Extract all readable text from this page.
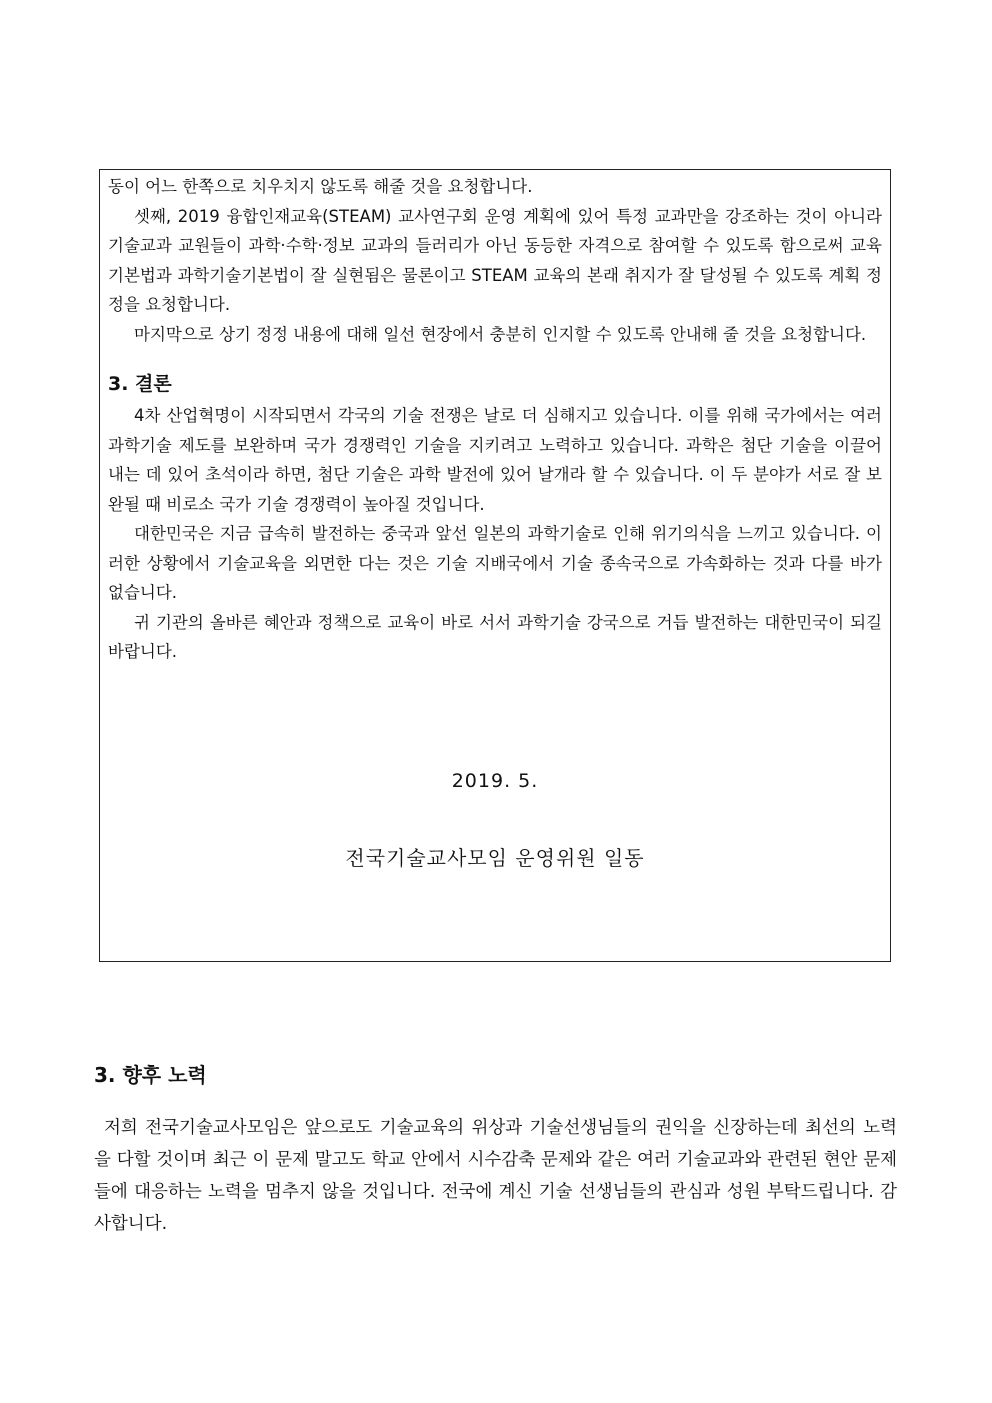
동이 어느 한쪽으로 치우치지 않도록 해줄 것을 요청합니다.

셋째, 2019 융합인재교육(STEAM) 교사연구회 운영 계획에 있어 특정 교과만을 강조하는 것이 아니라 기술교과 교원들이 과학·수학·정보 교과의 들러리가 아닌 동등한 자격으로 참여할 수 있도록 함으로써 교육기본법과 과학기술기본법이 잘 실현됨은 물론이고 STEAM 교육의 본래 취지가 잘 달성될 수 있도록 계획 정정을 요청합니다.

마지막으로 상기 정정 내용에 대해 일선 현장에서 충분히 인지할 수 있도록 안내해 줄 것을 요청합니다.

3. 결론

4차 산업혁명이 시작되면서 각국의 기술 전쟁은 날로 더 심해지고 있습니다. 이를 위해 국가에서는 여러 과학기술 제도를 보완하며 국가 경쟁력인 기술을 지키려고 노력하고 있습니다. 과학은 첨단 기술을 이끌어 내는 데 있어 초석이라 하면, 첨단 기술은 과학 발전에 있어 날개라 할 수 있습니다. 이 두 분야가 서로 잘 보완될 때 비로소 국가 기술 경쟁력이 높아질 것입니다.

대한민국은 지금 급속히 발전하는 중국과 앞선 일본의 과학기술로 인해 위기의식을 느끼고 있습니다. 이러한 상황에서 기술교육을 외면한 다는 것은 기술 지배국에서 기술 종속국으로 가속화하는 것과 다를 바가 없습니다.

귀 기관의 올바른 혜안과 정책으로 교육이 바로 서서 과학기술 강국으로 거듭 발전하는 대한민국이 되길 바랍니다.

2019. 5.
전국기술교사모임 운영위원 일동
3. 향후 노력

저희 전국기술교사모임은 앞으로도 기술교육의 위상과 기술선생님들의 권익을 신장하는데 최선의 노력을 다할 것이며 최근 이 문제 말고도 학교 안에서 시수감축 문제와 같은 여러 기술교과와 관련된 현안 문제들에 대응하는 노력을 멈추지 않을 것입니다. 전국에 계신 기술 선생님들의 관심과 성원 부탁드립니다. 감사합니다.
